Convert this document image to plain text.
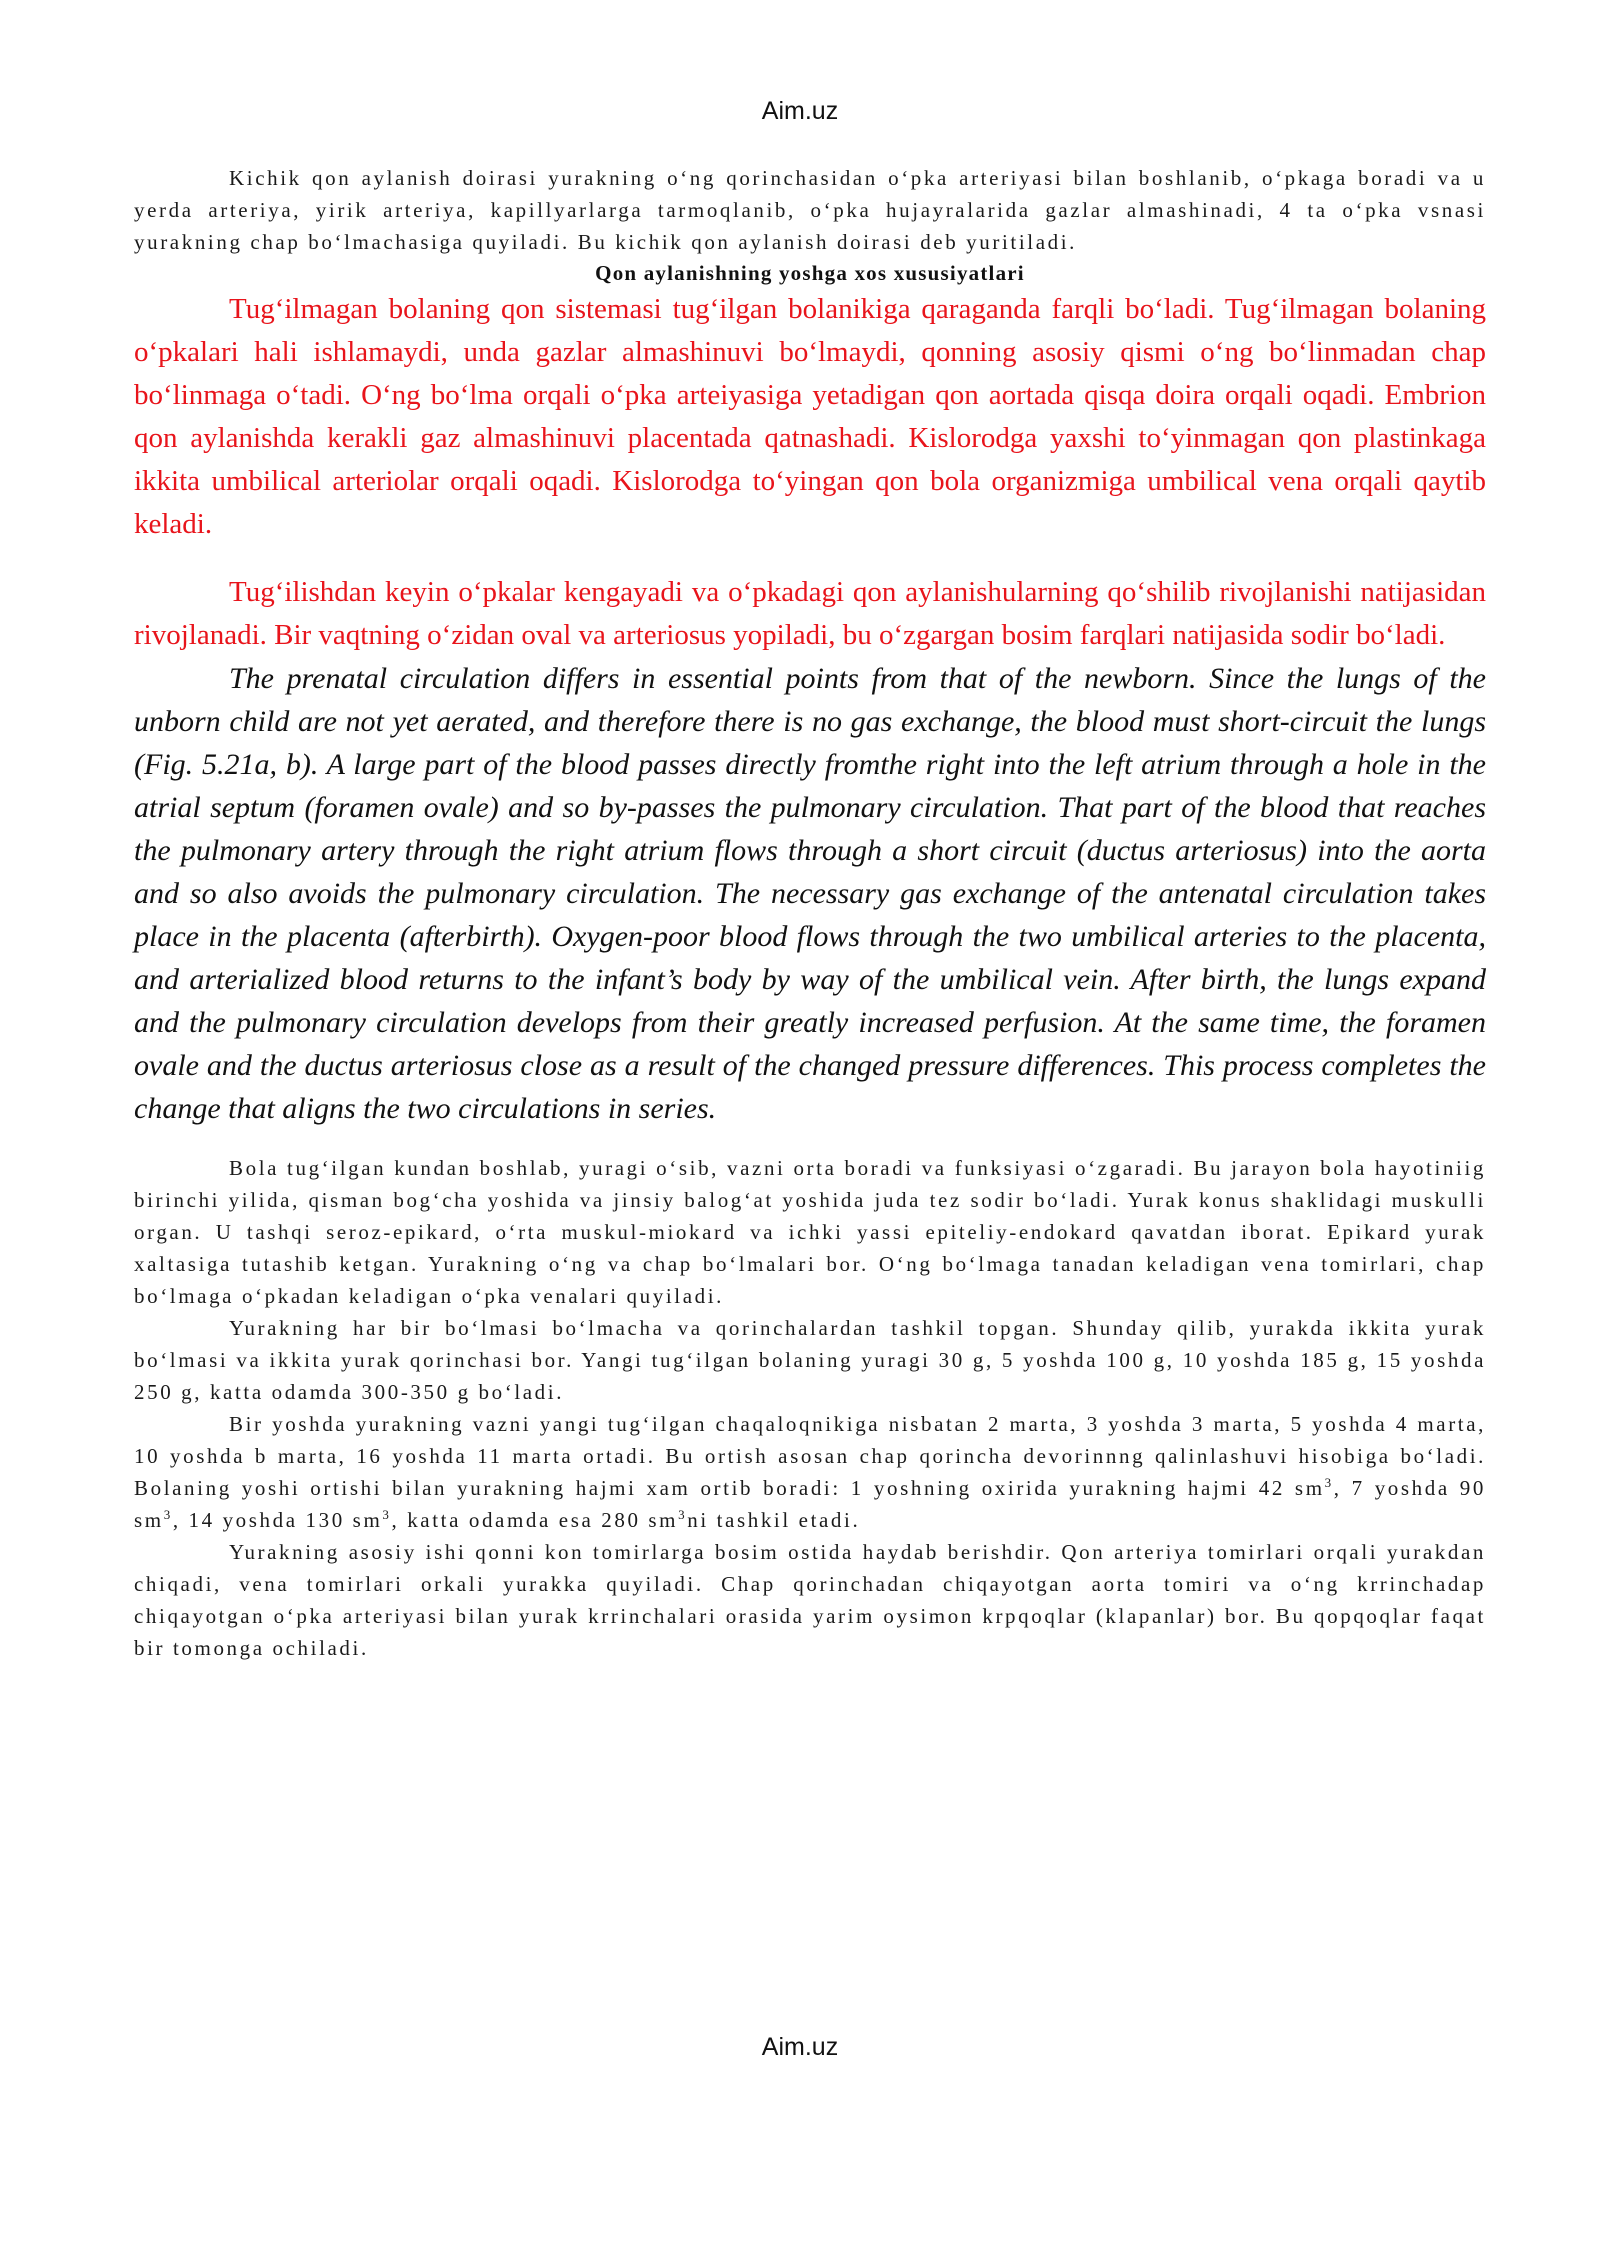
Aim.uz

Kichik qon aylanish doirasi yurakning o‘ng qorinchasidan o‘pka arteriyasi bilan boshlanib, o‘pkaga boradi va u yerda arteriya, yirik arteriya, kapillyarlarga tarmoqlanib, o‘pka hujayralarida gazlar almashinadi, 4 ta o‘pka vsnasi yurakning chap bo‘lmachasiga quyiladi. Bu kichik qon aylanish doirasi deb yuritiladi.

Qon aylanishning yoshga xos xususiyatlari

Tug‘ilmagan bolaning qon sistemasi tug‘ilgan bolanikiga qaraganda farqli bo‘ladi. Tug‘ilmagan bolaning o‘pkalari hali ishlamaydi, unda gazlar almashinuvi bo‘lmaydi, qonning asosiy qismi o‘ng bo‘linmadan chap bo‘linmaga o‘tadi. O‘ng bo‘lma orqali o‘pka arteiyasiga yetadigan qon aortada qisqa doira orqali oqadi. Embrion qon aylanishda kerakli gaz almashinuvi placentada qatnashadi. Kislorodga yaxshi to‘yinmagan qon plastinkaga ikkita umbilical arteriolar orqali oqadi. Kislorodga to‘yingan qon bola organizmiga umbilical vena orqali qaytib keladi.

Tug‘ilishdan keyin o‘pkalar kengayadi va o‘pkadagi qon aylanishularning qo‘shilib rivojlanishi natijasidan rivojlanadi. Bir vaqtning o‘zidan oval va arteriosus yopiladi, bu o‘zgargan bosim farqlari natijasida sodir bo‘ladi.

The prenatal circulation differs in essential points from that of the newborn. Since the lungs of the unborn child are not yet aerated, and therefore there is no gas exchange, the blood must short-circuit the lungs (Fig. 5.21a, b). A large part of the blood passes directly fromthe right into the left atrium through a hole in the atrial septum (foramen ovale) and so by-passes the pulmonary circulation. That part of the blood that reaches the pulmonary artery through the right atrium flows through a short circuit (ductus arteriosus) into the aorta and so also avoids the pulmonary circulation. The necessary gas exchange of the antenatal circulation takes place in the placenta (afterbirth). Oxygen-poor blood flows through the two umbilical arteries to the placenta, and arterialized blood returns to the infant’s body by way of the umbilical vein. After birth, the lungs expand and the pulmonary circulation develops from their greatly increased perfusion. At the same time, the foramen ovale and the ductus arteriosus close as a result of the changed pressure differences. This process completes the change that aligns the two circulations in series.

Bola tug‘ilgan kundan boshlab, yuragi o‘sib, vazni orta boradi va funksiyasi o‘zgaradi. Bu jarayon bola hayotiniig birinchi yilida, qisman bog‘cha yoshida va jinsiy balog‘at yoshida juda tez sodir bo‘ladi. Yurak konus shaklidagi muskulli organ. U tashqi seroz-epikard, o‘rta muskul-miokard va ichki yassi epiteliy-endokard qavatdan iborat. Epikard yurak xaltasiga tutashib ketgan. Yurakning o‘ng va chap bo‘lmalari bor. O‘ng bo‘lmaga tanadan keladigan vena tomirlari, chap bo‘lmaga o‘pkadan keladigan o‘pka venalari quyiladi.

Yurakning har bir bo‘lmasi bo‘lmacha va qorinchalardan tashkil topgan. Shunday qilib, yurakda ikkita yurak bo‘lmasi va ikkita yurak qorinchasi bor. Yangi tug‘ilgan bolaning yuragi 30 g, 5 yoshda 100 g, 10 yoshda 185 g, 15 yoshda 250 g, katta odamda 300-350 g bo‘ladi.

Bir yoshda yurakning vazni yangi tug‘ilgan chaqaloqnikiga nisbatan 2 marta, 3 yoshda 3 marta, 5 yoshda 4 marta, 10 yoshda b marta, 16 yoshda 11 marta ortadi. Bu ortish asosan chap qorincha devorinnng qalinlashuvi hisobiga bo‘ladi. Bolaning yoshi ortishi bilan yurakning hajmi xam ortib boradi: 1 yoshning oxirida yurakning hajmi 42 $sm^3$, 7 yoshda 90 $sm^3$, 14 yoshda 130 $sm^3$, katta odamda esa 280 $sm^3ni$ tashkil etadi.

Yurakning asosiy ishi qonni kon tomirlarga bosim ostida haydab berishdir. Qon arteriya tomirlari orqali yurakdan chiqadi, vena tomirlari orkali yurakka quyiladi. Chap qorinchadan chiqayotgan aorta tomiri va o‘ng krrinchadap chiqayotgan o‘pka arteriyasi bilan yurak krrinchalari orasida yarim oysimon krpqoqlar (klapanlar) bor. Bu qopqoqlar faqat bir tomonga ochiladi.

Aim.uz
